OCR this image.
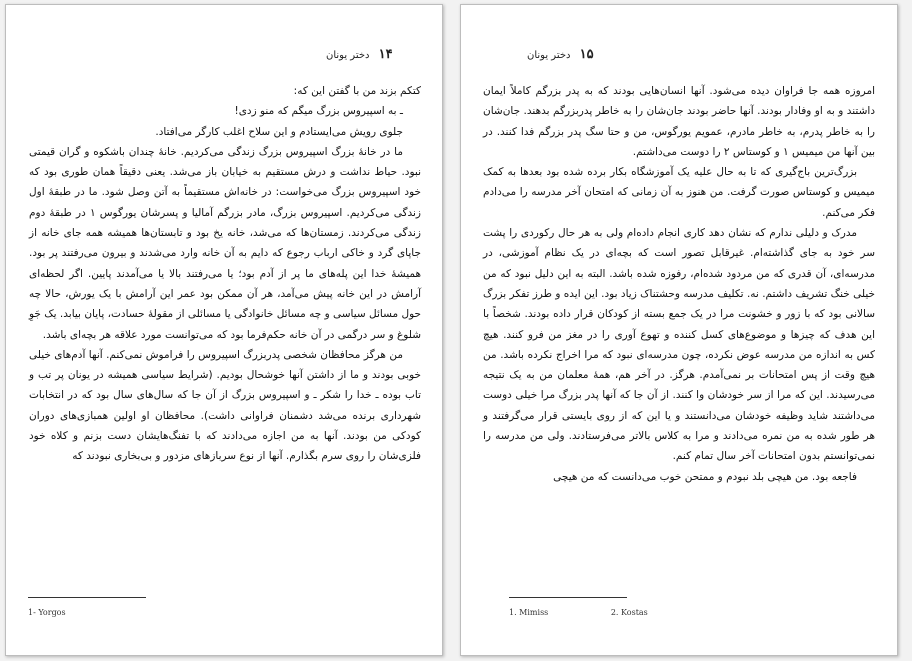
۱۴ دختر یونان

کتکم بزند من با گفتن این که:

ـ به اسپیروس بزرگ میگم که منو زدی!

جلوی رویش می‌ایستادم و این سلاح اغلب کارگر می‌افتاد.

ما در خانهٔ بزرگ اسپیروس بزرگ زندگی می‌کردیم. خانهٔ چندان باشکوه و گران قیمتی نبود. حیاط نداشت و درش مستقیم به خیابان باز می‌شد. یعنی دقیقاً همان طوری بود که خود اسپیروس بزرگ می‌خواست: در خانه‌اش مستقیماً به آتن وصل شود. ما در طبقهٔ اول زندگی می‌کردیم. اسپیروس بزرگ، مادر بزرگم آمالیا و پسرشان یورگوس ۱ در طبقهٔ دوم زندگی می‌کردند. زمستان‌ها که می‌شد، خانه یخ بود و تابستان‌ها همیشه همه جای خانه از جاپای گرد و خاکی ارباب رجوع که دایم به آن خانه وارد می‌شدند و بیرون می‌رفتند پر بود. همیشهٔ خدا این پله‌های ما پر از آدم بود؛ یا می‌رفتند بالا یا می‌آمدند پایین. اگر لحظه‌ای آرامش در این خانه پیش می‌آمد، هر آن ممکن بود عمر این آرامش با یک یورش، حالا چه حول مسائل سیاسی و چه مسائل خانوادگی یا مسائلی از مقولهٔ حسادت، پایان بیابد. یک جَوِ شلوغ و سر درگمی در آن خانه حکم‌فرما بود که می‌توانست مورد علاقه هر بچه‌ای باشد.

من هرگز محافظان شخصی پدربزرگ اسپیروس را فراموش نمی‌کنم. آنها آدم‌های خیلی خوبی بودند و ما از داشتن آنها خوشحال بودیم. (شرایط سیاسی همیشه در یونان پر تب و تاب بوده ـ خدا را شکر ـ و اسپیروس بزرگ از آن جا که سال‌های سال بود که در انتخابات شهرداری برنده می‌شد دشمنان فراوانی داشت). محافظان او اولین همبازی‌های دوران کودکی من بودند. آنها به من اجازه می‌دادند که با تفنگ‌هایشان دست بزنم و کلاه خود فلزی‌شان را روی سرم بگذارم. آنها از نوع سربازهای مزدور و بی‌بخاری نبودند که

1- Yorgos
۱۵ دختر یونان

امروزه همه جا فراوان دیده می‌شود. آنها انسان‌هایی بودند که به پدر بزرگم کاملاً ایمان داشتند و به او وفادار بودند. آنها حاضر بودند جان‌شان را به خاطر پدربزرگم بدهند. جان‌شان را به خاطر پدرم، به خاطر مادرم، عمویم یورگوس، من و حتا سگ پدر بزرگم فدا کنند. در بین آنها من میمیس ۱ و کوستاس ۲ را دوست می‌داشتم.

بزرگ‌ترین باج‌گیری که تا به حال علیه یک آموزشگاه بکار برده شده بود بعدها به کمک میمیس و کوستاس صورت گرفت. من هنوز به آن زمانی که امتحان آخر مدرسه را می‌دادم فکر می‌کنم.

مدرک و دلیلی ندارم که نشان دهد کاری انجام داده‌ام ولی به هر حال رکوردی را پشت سر خود به جای گذاشته‌ام. غیرقابل تصور است که بچه‌ای در یک نظام آموزشی، در مدرسه‌ای، آن قدری که من مردود شده‌ام، رفوزه شده باشد. البته به این دلیل نبود که من خیلی خنگ تشریف داشتم. نه. تکلیف مدرسه وحشتناک زیاد بود. این ایده و طرز تفکر بزرگ سالانی بود که با زور و خشونت مرا در یک جمع بسته از کودکان قرار داده بودند. شخصاً با این هدف که چیزها و موضوع‌های کسل کننده و تهوع آوری را در مغز من فرو کنند. هیچ کس به اندازه من مدرسه عوض نکرده، چون مدرسه‌ای نبود که مرا اخراج نکرده باشد. من هیچ وقت از پس امتحانات بر نمی‌آمدم. هرگز. در آخر هم، همهٔ معلمان من به یک نتیجه می‌رسیدند. این که مرا از سر خودشان وا کنند. از آن جا که آنها پدر بزرگ مرا خیلی دوست می‌داشتند شاید وظیفه خودشان می‌دانستند و یا این که از روی بایستی قرار می‌گرفتند و هر طور شده به من نمره می‌دادند و مرا به کلاس بالاتر می‌فرستادند. ولی من مدرسه را نمی‌توانستم بدون امتحانات آخر سال تمام کنم.

فاجعه بود. من هیچی بلد نبودم و ممتحن خوب می‌دانست که من هیچی

1. Mimiss	2. Kostas
